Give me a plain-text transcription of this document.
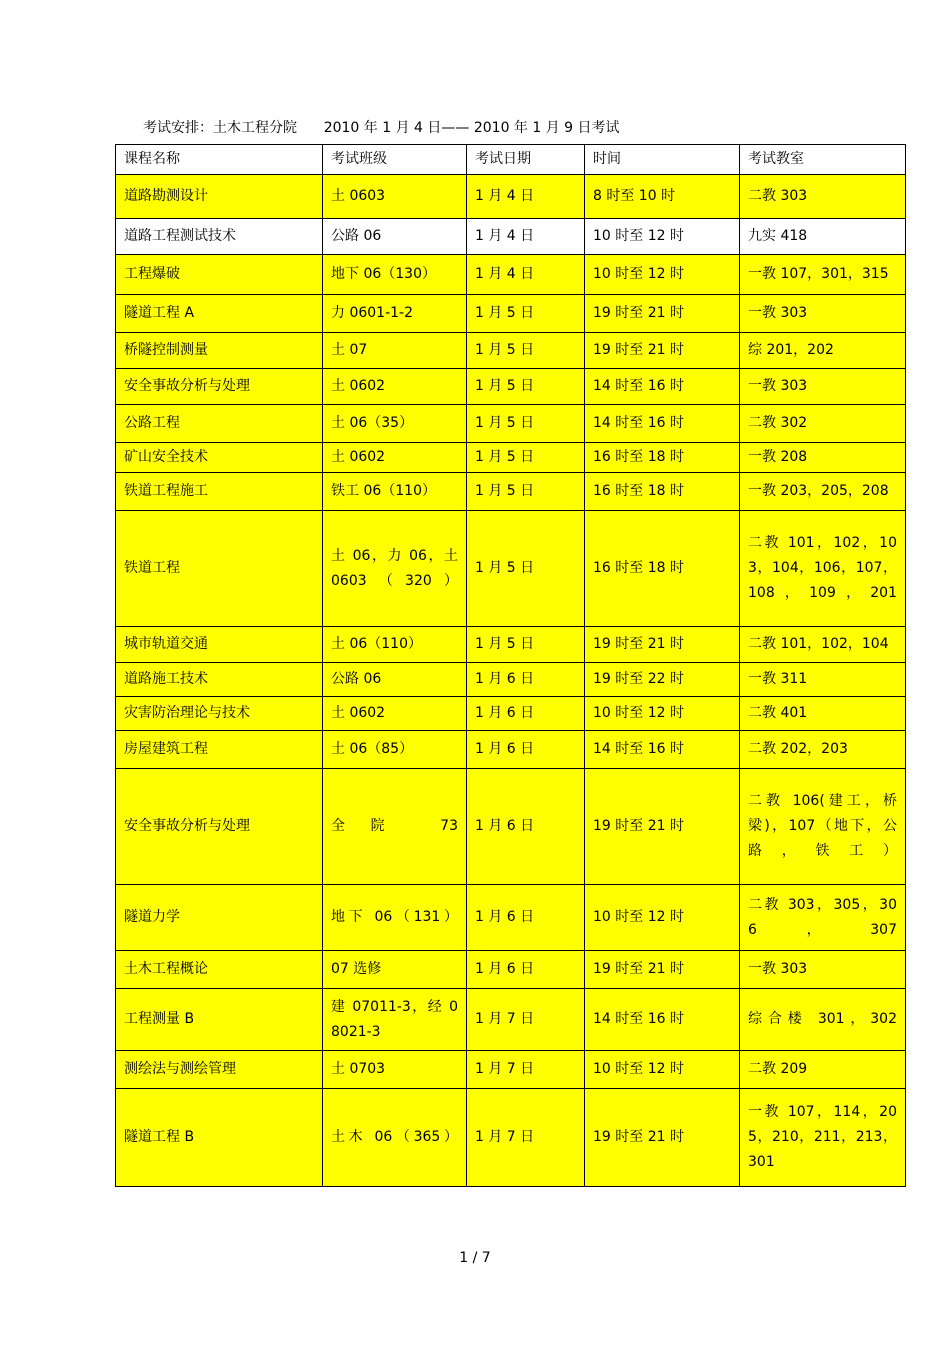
考试安排：土木工程分院      2010 年 1 月 4 日—— 2010 年 1 月 9 日考试
课程名称	考试班级	考试日期	时间	考试教室
道路勘测设计	土 0603	1 月 4 日	8 时至 10 时	二教 303
道路工程测试技术	公路 06	1 月 4 日	10 时至 12 时	九实 418
工程爆破	地下 06（130）	1 月 4 日	10 时至 12 时	一教 107，301，315
隧道工程 A	力 0601-1-2	1 月 5 日	19 时至 21 时	一教 303
桥隧控制测量	土 07	1 月 5 日	19 时至 21 时	综 201，202
安全事故分析与处理	土 0602	1 月 5 日	14 时至 16 时	一教 303
公路工程	土 06（35）	1 月 5 日	14 时至 16 时	二教 302
矿山安全技术	土 0602	1 月 5 日	16 时至 18 时	一教 208
铁道工程施工	铁工 06（110）	1 月 5 日	16 时至 18 时	一教 203，205，208
铁道工程	土 06，力 06，土 0603（320）	1 月 5 日	16 时至 18 时	二教 101，102，103，104，106，107，108，109，201
城市轨道交通	土 06（110）	1 月 5 日	19 时至 21 时	二教 101，102，104
道路施工技术	公路 06	1 月 6 日	19 时至 22 时	一教 311
灾害防治理论与技术	土 0602	1 月 6 日	10 时至 12 时	二教 401
房屋建筑工程	土 06（85）	1 月 6 日	14 时至 16 时	二教 202，203
安全事故分析与处理	全院 73	1 月 6 日	19 时至 21 时	二教 106(建工，桥梁)，107（地下，公路，铁工）
隧道力学	地下 06（131）	1 月 6 日	10 时至 12 时	二教 303，305，306，307
土木工程概论	07 选修	1 月 6 日	19 时至 21 时	一教 303
工程测量 B	建 07011-3，经 08021-3	1 月 7 日	14 时至 16 时	综合楼 301，302
测绘法与测绘管理	土 0703	1 月 7 日	10 时至 12 时	二教 209
隧道工程 B	土木 06（365）	1 月 7 日	19 时至 21 时	一教 107，114，205，210，211，213，301
1 / 7
